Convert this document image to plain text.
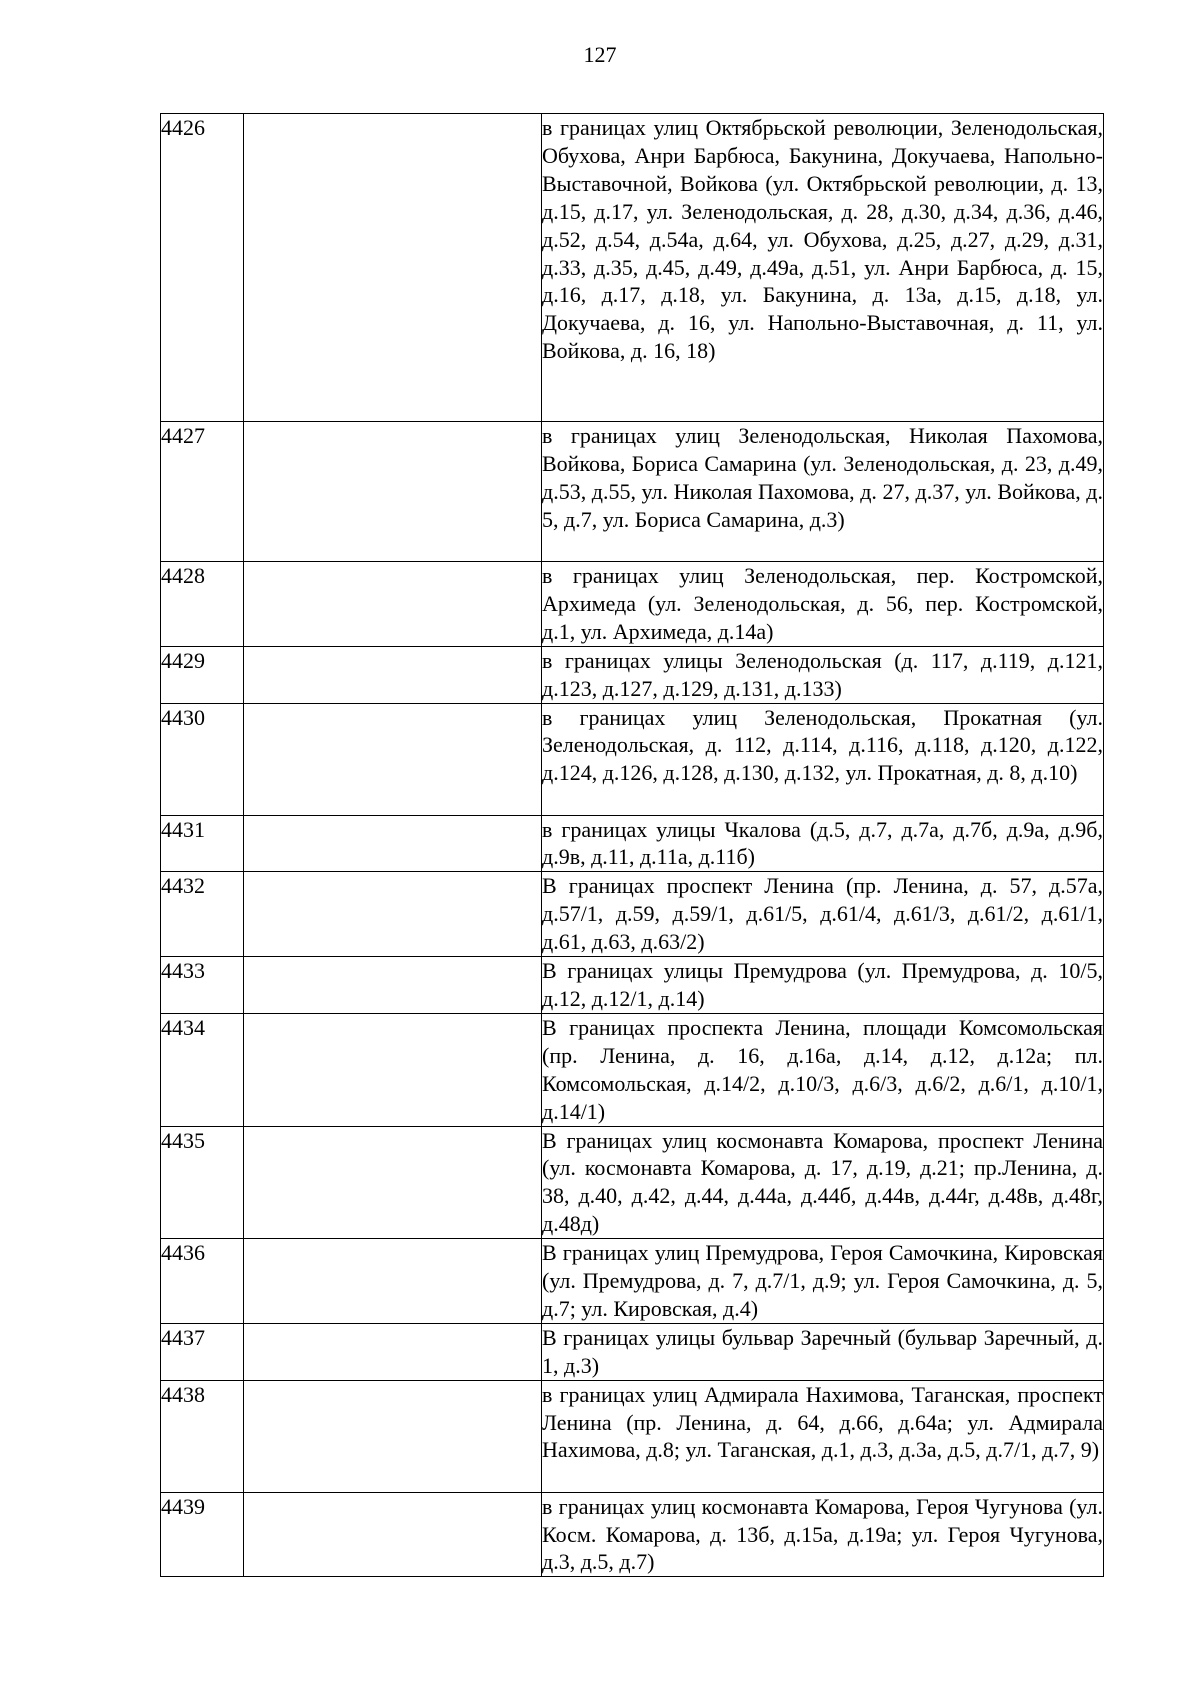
127
4426		в границах улиц Октябрьской революции, Зеленодольская, Обухова, Анри Барбюса, Бакунина, Докучаева, Напольно-Выставочной, Войкова (ул. Октябрьской революции, д. 13, д.15, д.17, ул. Зеленодольская, д. 28, д.30, д.34, д.36, д.46, д.52, д.54, д.54а, д.64, ул. Обухова, д.25, д.27, д.29, д.31, д.33, д.35, д.45, д.49, д.49а, д.51, ул. Анри Барбюса, д. 15, д.16, д.17, д.18, ул. Бакунина, д. 13а, д.15, д.18, ул. Докучаева, д. 16, ул. Напольно-Выставочная, д. 11, ул. Войкова, д. 16, 18)
4427		в границах улиц Зеленодольская, Николая Пахомова, Войкова, Бориса Самарина (ул. Зеленодольская, д. 23, д.49, д.53, д.55, ул. Николая Пахомова, д. 27, д.37, ул. Войкова, д. 5, д.7, ул. Бориса Самарина, д.3)
4428		в границах улиц Зеленодольская, пер. Костромской, Архимеда (ул. Зеленодольская, д. 56, пер. Костромской, д.1, ул. Архимеда, д.14а)
4429		в границах улицы Зеленодольская (д. 117, д.119, д.121, д.123, д.127, д.129, д.131, д.133)
4430		в границах улиц Зеленодольская, Прокатная (ул. Зеленодольская, д. 112, д.114, д.116, д.118, д.120, д.122, д.124, д.126, д.128, д.130, д.132, ул. Прокатная, д. 8, д.10)
4431		в границах улицы Чкалова (д.5, д.7, д.7а, д.7б, д.9а, д.9б, д.9в, д.11, д.11а, д.11б)
4432		В границах проспект Ленина (пр. Ленина, д. 57, д.57а, д.57/1, д.59, д.59/1, д.61/5, д.61/4, д.61/3, д.61/2, д.61/1, д.61, д.63, д.63/2)
4433		В границах улицы Премудрова (ул. Премудрова, д. 10/5, д.12, д.12/1, д.14)
4434		В границах проспекта Ленина, площади Комсомольская (пр. Ленина, д. 16, д.16а, д.14, д.12, д.12а; пл. Комсомольская, д.14/2, д.10/3, д.6/3, д.6/2, д.6/1, д.10/1, д.14/1)
4435		В границах улиц космонавта Комарова, проспект Ленина (ул. космонавта Комарова, д. 17, д.19, д.21; пр.Ленина, д. 38, д.40, д.42, д.44, д.44а, д.44б, д.44в, д.44г, д.48в, д.48г, д.48д)
4436		В границах улиц Премудрова, Героя Самочкина, Кировская (ул. Премудрова, д. 7, д.7/1, д.9; ул. Героя Самочкина, д. 5, д.7; ул. Кировская, д.4)
4437		В границах улицы бульвар Заречный (бульвар Заречный, д. 1, д.3)
4438		в границах улиц Адмирала Нахимова, Таганская, проспект Ленина (пр. Ленина, д. 64, д.66, д.64а; ул. Адмирала Нахимова, д.8; ул. Таганская, д.1, д.3, д.3а, д.5, д.7/1, д.7, 9)
4439		в границах улиц космонавта Комарова, Героя Чугунова (ул. Косм. Комарова, д. 13б, д.15а, д.19а; ул. Героя Чугунова, д.3, д.5, д.7)
